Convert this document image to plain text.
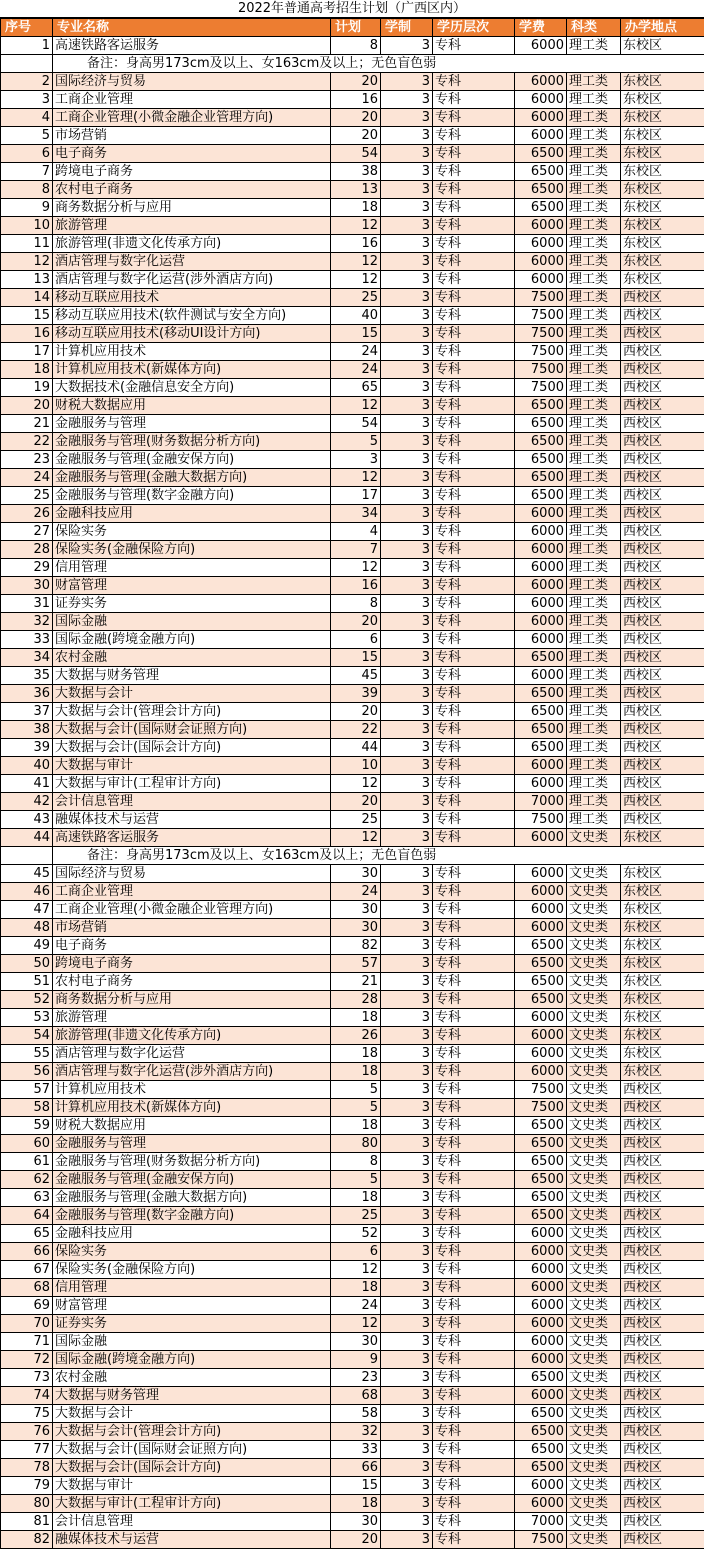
2022年普通高考招生计划（广西区内）
序号	专业名称	计划	学制	学历层次	学费	科类	办学地点
1	高速铁路客运服务	8	3	专科	6000	理工类	东校区
	备注：身高男173cm及以上、女163cm及以上；无色盲色弱						
2	国际经济与贸易	20	3	专科	6000	理工类	东校区
3	工商企业管理	16	3	专科	6000	理工类	东校区
4	工商企业管理(小微金融企业管理方向)	20	3	专科	6000	理工类	东校区
5	市场营销	20	3	专科	6000	理工类	东校区
6	电子商务	54	3	专科	6500	理工类	东校区
7	跨境电子商务	38	3	专科	6500	理工类	东校区
8	农村电子商务	13	3	专科	6500	理工类	东校区
9	商务数据分析与应用	18	3	专科	6500	理工类	东校区
10	旅游管理	12	3	专科	6000	理工类	东校区
11	旅游管理(非遗文化传承方向)	16	3	专科	6000	理工类	东校区
12	酒店管理与数字化运营	12	3	专科	6000	理工类	东校区
13	酒店管理与数字化运营(涉外酒店方向)	12	3	专科	6000	理工类	东校区
14	移动互联应用技术	25	3	专科	7500	理工类	西校区
15	移动互联应用技术(软件测试与安全方向)	40	3	专科	7500	理工类	西校区
16	移动互联应用技术(移动UI设计方向)	15	3	专科	7500	理工类	西校区
17	计算机应用技术	24	3	专科	7500	理工类	西校区
18	计算机应用技术(新媒体方向)	24	3	专科	7500	理工类	西校区
19	大数据技术(金融信息安全方向)	65	3	专科	7500	理工类	西校区
20	财税大数据应用	12	3	专科	6500	理工类	西校区
21	金融服务与管理	54	3	专科	6500	理工类	西校区
22	金融服务与管理(财务数据分析方向)	5	3	专科	6500	理工类	西校区
23	金融服务与管理(金融安保方向)	3	3	专科	6500	理工类	西校区
24	金融服务与管理(金融大数据方向)	12	3	专科	6500	理工类	西校区
25	金融服务与管理(数字金融方向)	17	3	专科	6500	理工类	西校区
26	金融科技应用	34	3	专科	6000	理工类	西校区
27	保险实务	4	3	专科	6000	理工类	西校区
28	保险实务(金融保险方向)	7	3	专科	6000	理工类	西校区
29	信用管理	12	3	专科	6000	理工类	西校区
30	财富管理	16	3	专科	6000	理工类	西校区
31	证券实务	8	3	专科	6000	理工类	西校区
32	国际金融	20	3	专科	6000	理工类	西校区
33	国际金融(跨境金融方向)	6	3	专科	6000	理工类	西校区
34	农村金融	15	3	专科	6500	理工类	西校区
35	大数据与财务管理	45	3	专科	6000	理工类	西校区
36	大数据与会计	39	3	专科	6500	理工类	西校区
37	大数据与会计(管理会计方向)	20	3	专科	6500	理工类	西校区
38	大数据与会计(国际财会证照方向)	22	3	专科	6500	理工类	西校区
39	大数据与会计(国际会计方向)	44	3	专科	6500	理工类	西校区
40	大数据与审计	10	3	专科	6000	理工类	西校区
41	大数据与审计(工程审计方向)	12	3	专科	6000	理工类	西校区
42	会计信息管理	20	3	专科	7000	理工类	西校区
43	融媒体技术与运营	25	3	专科	7500	理工类	西校区
44	高速铁路客运服务	12	3	专科	6000	文史类	东校区
	备注：身高男173cm及以上、女163cm及以上；无色盲色弱						
45	国际经济与贸易	30	3	专科	6000	文史类	东校区
46	工商企业管理	24	3	专科	6000	文史类	东校区
47	工商企业管理(小微金融企业管理方向)	30	3	专科	6000	文史类	东校区
48	市场营销	30	3	专科	6000	文史类	东校区
49	电子商务	82	3	专科	6500	文史类	东校区
50	跨境电子商务	57	3	专科	6500	文史类	东校区
51	农村电子商务	21	3	专科	6500	文史类	东校区
52	商务数据分析与应用	28	3	专科	6500	文史类	东校区
53	旅游管理	18	3	专科	6000	文史类	东校区
54	旅游管理(非遗文化传承方向)	26	3	专科	6000	文史类	东校区
55	酒店管理与数字化运营	18	3	专科	6000	文史类	东校区
56	酒店管理与数字化运营(涉外酒店方向)	18	3	专科	6000	文史类	东校区
57	计算机应用技术	5	3	专科	7500	文史类	西校区
58	计算机应用技术(新媒体方向)	5	3	专科	7500	文史类	西校区
59	财税大数据应用	18	3	专科	6500	文史类	西校区
60	金融服务与管理	80	3	专科	6500	文史类	西校区
61	金融服务与管理(财务数据分析方向)	8	3	专科	6500	文史类	西校区
62	金融服务与管理(金融安保方向)	5	3	专科	6500	文史类	西校区
63	金融服务与管理(金融大数据方向)	18	3	专科	6500	文史类	西校区
64	金融服务与管理(数字金融方向)	25	3	专科	6500	文史类	西校区
65	金融科技应用	52	3	专科	6000	文史类	西校区
66	保险实务	6	3	专科	6000	文史类	西校区
67	保险实务(金融保险方向)	12	3	专科	6000	文史类	西校区
68	信用管理	18	3	专科	6000	文史类	西校区
69	财富管理	24	3	专科	6000	文史类	西校区
70	证券实务	12	3	专科	6000	文史类	西校区
71	国际金融	30	3	专科	6000	文史类	西校区
72	国际金融(跨境金融方向)	9	3	专科	6000	文史类	西校区
73	农村金融	23	3	专科	6500	文史类	西校区
74	大数据与财务管理	68	3	专科	6000	文史类	西校区
75	大数据与会计	58	3	专科	6500	文史类	西校区
76	大数据与会计(管理会计方向)	32	3	专科	6500	文史类	西校区
77	大数据与会计(国际财会证照方向)	33	3	专科	6500	文史类	西校区
78	大数据与会计(国际会计方向)	66	3	专科	6500	文史类	西校区
79	大数据与审计	15	3	专科	6000	文史类	西校区
80	大数据与审计(工程审计方向)	18	3	专科	6000	文史类	西校区
81	会计信息管理	30	3	专科	7000	文史类	西校区
82	融媒体技术与运营	20	3	专科	7500	文史类	西校区
